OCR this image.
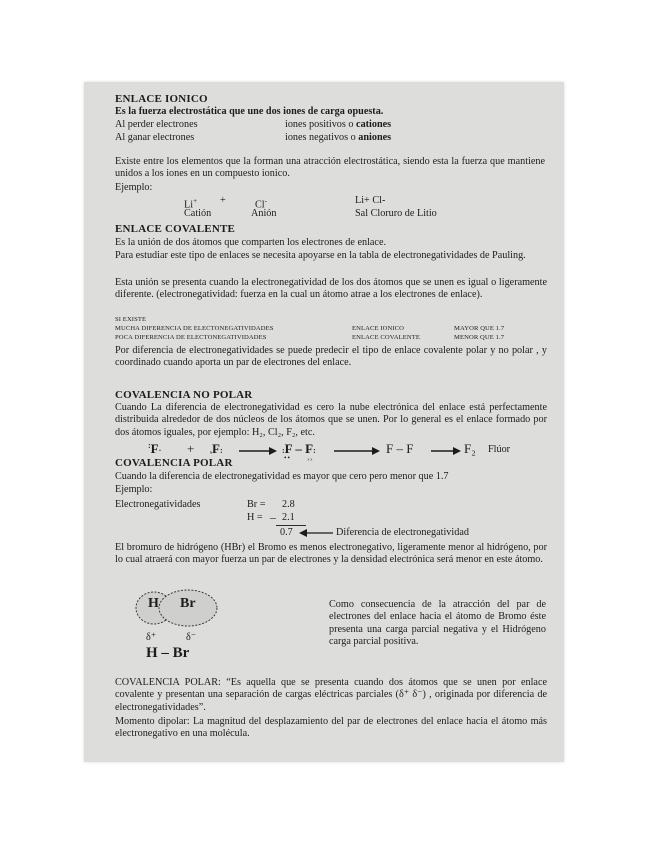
ENLACE IONICO
Es la fuerza electrostática que une dos iones de carga opuesta.
Al perder electrones	iones positivos o cationes
Al ganar electrones	iones negativos o aniones
Existe entre los elementos que la forman una atracción electrostática, siendo esta la fuerza que mantiene unidos a los iones en un compuesto ionico.
Ejemplo:
Li+ +	Cl-	Li+ Cl-
Catión	Anión	Sal Cloruro de Litio
ENLACE COVALENTE
Es la unión de dos átomos que comparten los electrones de enlace.
Para estudiar este tipo de enlaces se necesita apoyarse en la tabla de electronegatividades de Pauling.
Esta unión se presenta cuando la electronegatividad de los dos átomos que se unen es igual o ligeramente diferente. (electronegatividad: fuerza en la cual un átomo atrae a los electrones de enlace).
SI EXISTE
MUCHA DIFERENCIA DE ELECTONEGATIVIDADES	ENLACE IONICO	MAYOR QUE 1.7
POCA DIFERENCIA DE ELECTONEGATIVIDADES	ENLACE COVALENTE	MENOR QUE 1.7
Por diferencia de electronegatividades se puede predecir el tipo de enlace covalente polar y no polar , y coordinado cuando aporta un par de electrones del enlace.
COVALENCIA NO POLAR
Cuando La diferencia de electronegatividad es cero la nube electrónica del enlace está perfectamente distribuida alrededor de dos núcleos de los átomos que se unen. Por lo general es el enlace formado por dos átomos iguales, por ejemplo: H₂, Cl₂, F₂, etc.
:F· + ₓF:	:F – F:
••      ₓₓ
F – F	F₂ Flúor
COVALENCIA POLAR
Cuando la diferencia de electronegatividad es mayor que cero pero menor que 1.7
Ejemplo:
Electronegatividades	Br = 2.8
H = – 2.1
0.7	Diferencia de electronegatividad
El bromuro de hidrógeno (HBr) el Bromo es menos electronegativo, ligeramente menor al hidrógeno, por lo cual atraerá con mayor fuerza un par de electrones y la densidad electrónica será menor en este átomo.
H Br
δ⁺	δ⁻
H – Br
Como consecuencia de la atracción del par de electrones del enlace hacia el átomo de Bromo éste presenta una carga parcial negativa y el Hidrógeno carga parcial positiva.
COVALENCIA POLAR: “Es aquella que se presenta cuando dos átomos que se unen por enlace covalente y presentan una separación de cargas eléctricas parciales (δ⁺ δ⁻) , originada por diferencia de electronegatividades”.
Momento dipolar: La magnitud del desplazamiento del par de electrones del enlace hacia el átomo más electronegativo en una molécula.
